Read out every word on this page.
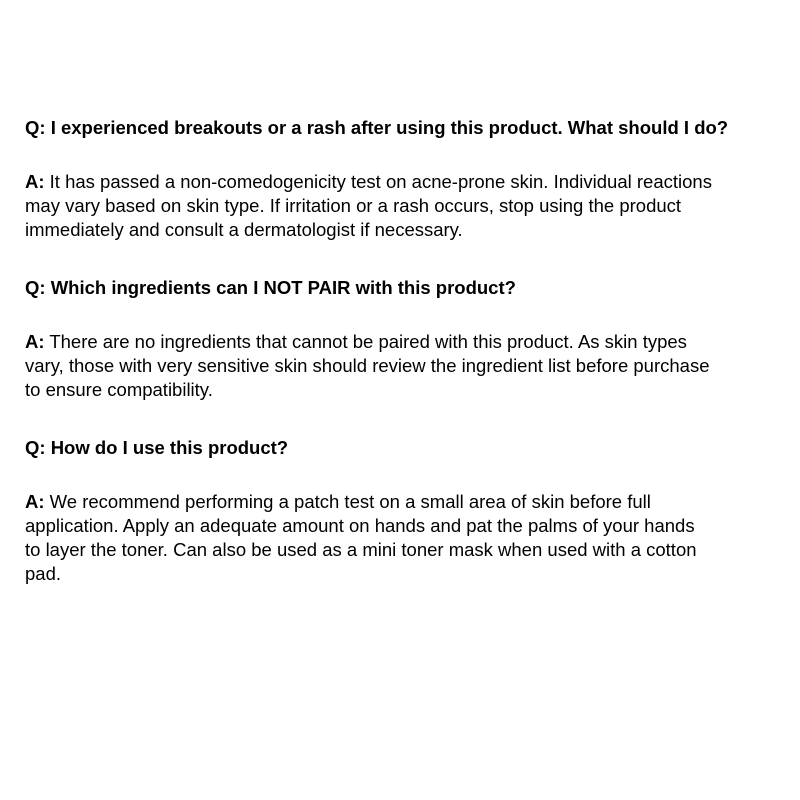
Q: I experienced breakouts or a rash after using this product. What should I do?

A: It has passed a non-comedogenicity test on acne-prone skin. Individual reactions
may vary based on skin type. If irritation or a rash occurs, stop using the product
immediately and consult a dermatologist if necessary.

Q: Which ingredients can I NOT PAIR with this product?

A: There are no ingredients that cannot be paired with this product. As skin types
vary, those with very sensitive skin should review the ingredient list before purchase
to ensure compatibility.

Q: How do I use this product?

A: We recommend performing a patch test on a small area of skin before full
application. Apply an adequate amount on hands and pat the palms of your hands
to layer the toner. Can also be used as a mini toner mask when used with a cotton
pad.
